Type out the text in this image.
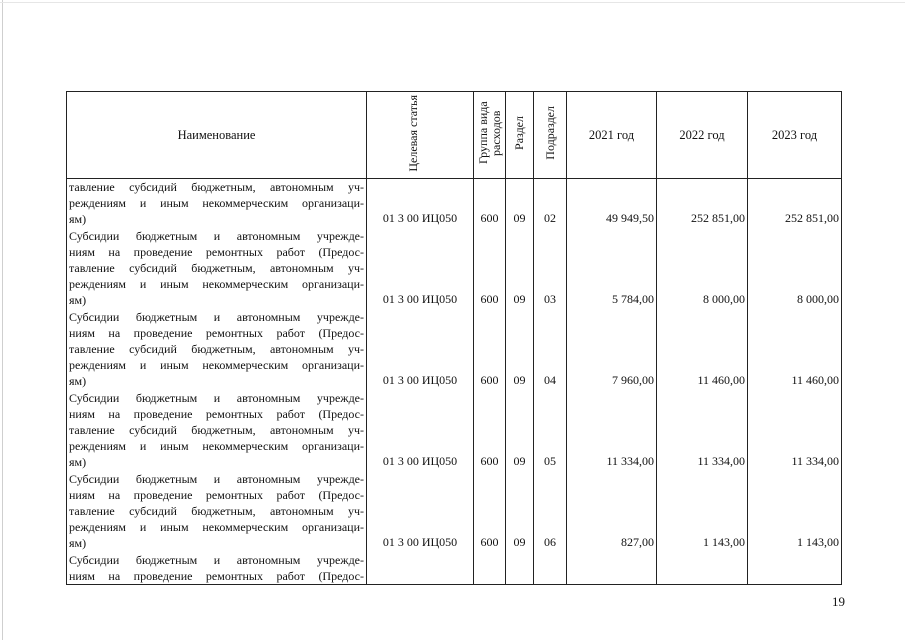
Наименование	Целевая статья	Группа вида расходов	Раздел	Подраздел	2021 год	2022 год	2023 год

тавление субсидий бюджетным, автономным уч-
реждениям и иным некоммерческим организаци-
ям)	01 3 00 ИЦ050	600	09	02	49 949,50	252 851,00	252 851,00

Субсидии бюджетным и автономным учрежде-
ниям на проведение ремонтных работ (Предос-
тавление субсидий бюджетным, автономным уч-
реждениям и иным некоммерческим организаци-
ям)	01 3 00 ИЦ050	600	09	03	5 784,00	8 000,00	8 000,00

Субсидии бюджетным и автономным учрежде-
ниям на проведение ремонтных работ (Предос-
тавление субсидий бюджетным, автономным уч-
реждениям и иным некоммерческим организаци-
ям)	01 3 00 ИЦ050	600	09	04	7 960,00	11 460,00	11 460,00

Субсидии бюджетным и автономным учрежде-
ниям на проведение ремонтных работ (Предос-
тавление субсидий бюджетным, автономным уч-
реждениям и иным некоммерческим организаци-
ям)	01 3 00 ИЦ050	600	09	05	11 334,00	11 334,00	11 334,00

Субсидии бюджетным и автономным учрежде-
ниям на проведение ремонтных работ (Предос-
тавление субсидий бюджетным, автономным уч-
реждениям и иным некоммерческим организаци-
ям)	01 3 00 ИЦ050	600	09	06	827,00	1 143,00	1 143,00

Субсидии бюджетным и автономным учрежде-
ниям на проведение ремонтных работ (Предос-							

19
